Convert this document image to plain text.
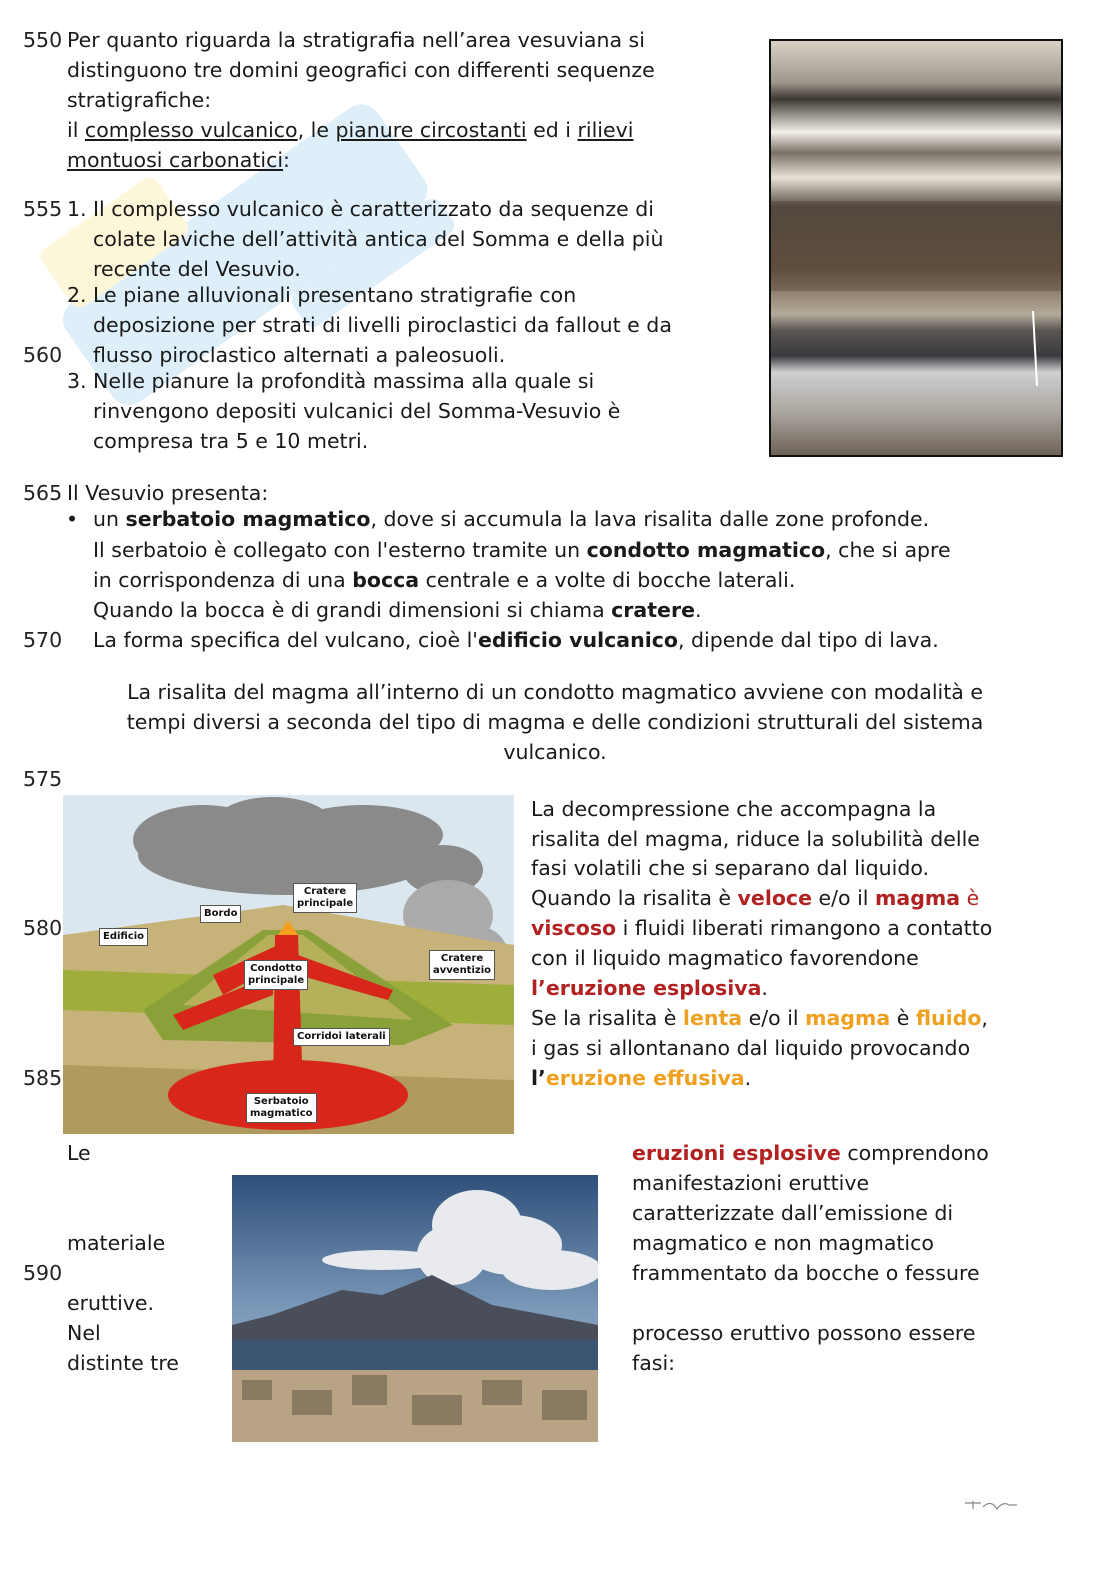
550
555
560
565
570
575
580
585
590
Per quanto riguarda la stratigrafia nell’area vesuviana si
distinguono tre domini geografici con differenti sequenze
stratigrafiche:
il complesso vulcanico, le pianure circostanti ed i rilievi
montuosi carbonatici:
1. Il complesso vulcanico è caratterizzato da sequenze di
colate laviche dell’attività antica del Somma e della più
recente del Vesuvio.
2. Le piane alluvionali presentano stratigrafie con
deposizione per strati di livelli piroclastici da fallout e da
flusso piroclastico alternati a paleosuoli.
3. Nelle pianure la profondità massima alla quale si
rinvengono depositi vulcanici del Somma-Vesuvio è
compresa tra 5 e 10 metri.
Il Vesuvio presenta:
• un serbatoio magmatico, dove si accumula la lava risalita dalle zone profonde.
Il serbatoio è collegato con l'esterno tramite un condotto magmatico, che si apre
in corrispondenza di una bocca centrale e a volte di bocche laterali.
Quando la bocca è di grandi dimensioni si chiama cratere.
La forma specifica del vulcano, cioè l'edificio vulcanico, dipende dal tipo di lava.
La risalita del magma all’interno di un condotto magmatico avviene con modalità e
tempi diversi a seconda del tipo di magma e delle condizioni strutturali del sistema
vulcanico.
Cratere
principale
Bordo
Edificio
Condotto
principale
Cratere
avventizio
Corridoi laterali
Serbatoio
magmatico
La decompressione che accompagna la
risalita del magma, riduce la solubilità delle
fasi volatili che si separano dal liquido.
Quando la risalita è veloce e/o il magma è
viscoso i fluidi liberati rimangono a contatto
con il liquido magmatico favorendone
l’eruzione esplosiva.
Se la risalita è lenta e/o il magma è fluido,
i gas si allontanano dal liquido provocando
l’eruzione effusiva.
Le
materiale
eruttive.
Nel
distinte tre
eruzioni esplosive comprendono
manifestazioni eruttive
caratterizzate dall’emissione di
magmatico e non magmatico
frammentato da bocche o fessure
processo eruttivo possono essere
fasi:
